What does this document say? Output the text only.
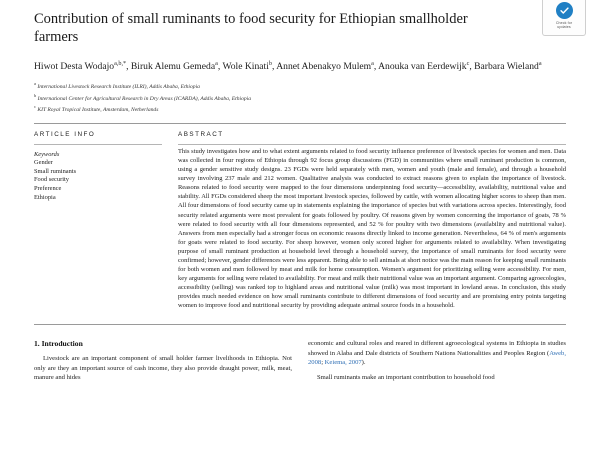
Check for
updates
Contribution of small ruminants to food security for Ethiopian smallholder
farmers
Hiwot Desta Wodajo$^{a,b,*}$, Biruk Alemu Gemeda$^a$, Wole Kinati$^b$, Annet Abenakyo Mulem$^a$, Anouka van Eerdewijk$^c$, Barbara Wieland$^a$
$^a$ International Livestock Research Institute (ILRI), Addis Ababa, Ethiopia
$^b$ International Center for Agricultural Research in Dry Areas (ICARDA), Addis Ababa, Ethiopia
$^c$ KIT Royal Tropical Institute, Amsterdam, Netherlands
ARTICLE INFO
Keywords
Gender
Small ruminants
Food security
Preference
Ethiopia
ABSTRACT

This study investigates how and to what extent arguments related to food security influence preference of livestock species for women and men. Data was collected in four regions of Ethiopia through 92 focus group discussions (FGD) in communities where small ruminant production is common, using a gender sensitive study designs. 23 FGDs were held separately with men, women and youth (male and female), and through a household survey involving 237 male and 212 women. Qualitative analysis was conducted to extract reasons given to explain the importance of livestock. Reasons related to food security were mapped to the four dimensions underpinning food security—accessibility, availability, nutritional value and stability. All FGDs considered sheep the most important livestock species, followed by cattle, with women allocating higher scores to sheep than men. All four dimensions of food security came up in statements explaining the importance of species but with variations across species. Interestingly, food security related arguments were most prevalent for goats followed by poultry. Of reasons given by women concerning the importance of goats, 78 % were related to food security with all four dimensions represented, and 52 % for poultry with two dimensions (availability and nutritional value). Answers from men especially had a stronger focus on economic reasons directly linked to income generation. Nevertheless, 64 % of men's arguments for goats were related to food security. For sheep however, women only scored higher for arguments related to availability. When investigating purpose of small ruminant production at household level through a household survey, the importance of small ruminants for food security were confirmed; however, gender differences were less apparent. Being able to sell animals at short notice was the main reason for keeping small ruminants for both women and men followed by meat and milk for home consumption. Women's argument for prioritizing selling were accessibility. For men, key arguments for selling were related to availability. For meat and milk their nutritional value was an important argument. Comparing agroecologies, accessibility (selling) was ranked top to highland areas and nutritional value (milk) was most important in lowland areas. In conclusion, this study provides much needed evidence on how small ruminants contribute to different dimensions of food security and are promising entry points targeting women to improve food and nutritional security by providing adequate animal source foods in a household.

1. Introduction

Livestock are an important component of small holder farmer livelihoods in Ethiopia. Not only are they an important source of cash income, they also provide draught power, milk, meat, manure and hides

economic and cultural roles and reared in different agroecological systems in Ethiopia in studies showed in Alaba and Dale districts of Southern Nations Nationalities and Peoples Region (Aweb, 2008; Keiema, 2007).

Small ruminants make an important contribution to household food
